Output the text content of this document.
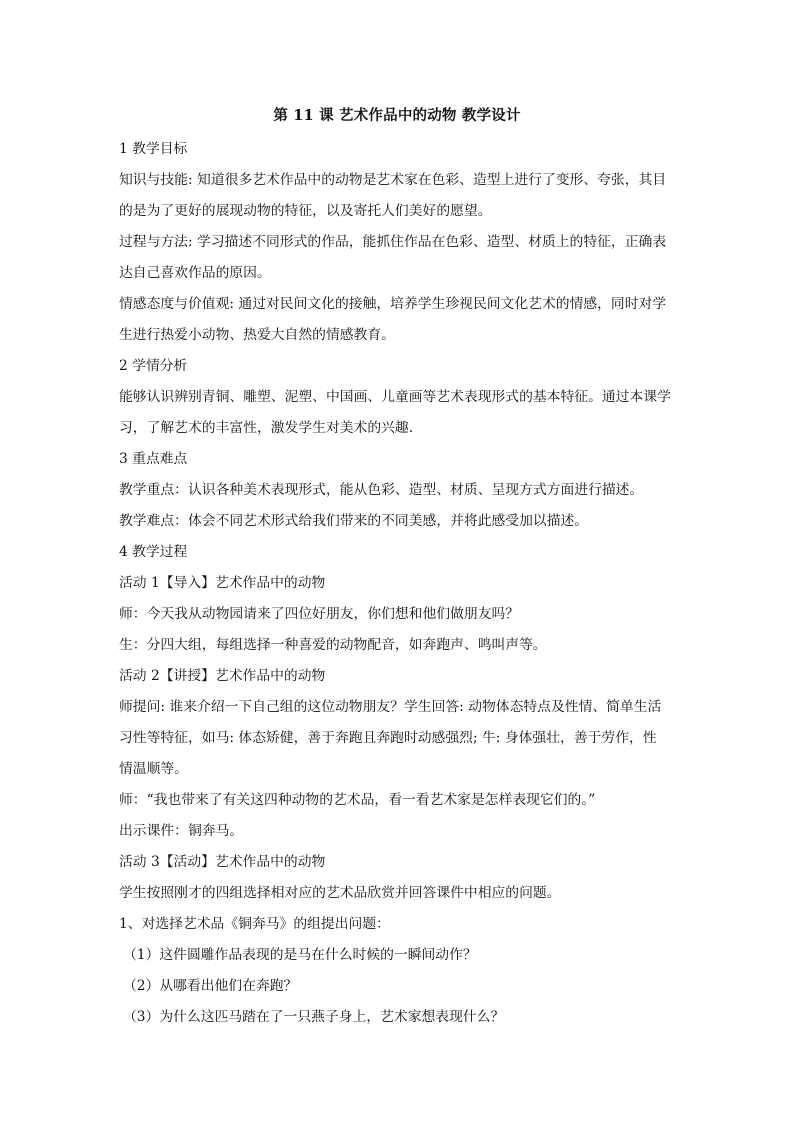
第 11 课 艺术作品中的动物 教学设计
1 教学目标
知识与技能: 知道很多艺术作品中的动物是艺术家在色彩、造型上进行了变形、夸张，其目
的是为了更好的展现动物的特征，以及寄托人们美好的愿望。
过程与方法: 学习描述不同形式的作品，能抓住作品在色彩、造型、材质上的特征，正确表
达自己喜欢作品的原因。
情感态度与价值观: 通过对民间文化的接触，培养学生珍视民间文化艺术的情感，同时对学
生进行热爱小动物、热爱大自然的情感教育。
2 学情分析
能够认识辨别青铜、雕塑、泥塑、中国画、儿童画等艺术表现形式的基本特征。通过本课学
习，了解艺术的丰富性，激发学生对美术的兴趣.
3 重点难点
教学重点：认识各种美术表现形式，能从色彩、造型、材质、呈现方式方面进行描述。
教学难点：体会不同艺术形式给我们带来的不同美感，并将此感受加以描述。
4 教学过程
活动 1【导入】艺术作品中的动物
师：今天我从动物园请来了四位好朋友，你们想和他们做朋友吗？
生：分四大组，每组选择一种喜爱的动物配音，如奔跑声、鸣叫声等。
活动 2【讲授】艺术作品中的动物
师提问: 谁来介绍一下自己组的这位动物朋友？学生回答: 动物体态特点及性情、简单生活
习性等特征，如马: 体态矫健，善于奔跑且奔跑时动感强烈; 牛: 身体强壮，善于劳作，性
情温顺等。
师：“我也带来了有关这四种动物的艺术品，看一看艺术家是怎样表现它们的。”
出示课件：铜奔马。
活动 3【活动】艺术作品中的动物
学生按照刚才的四组选择相对应的艺术品欣赏并回答课件中相应的问题。
1、对选择艺术品《铜奔马》的组提出问题：
（1）这件圆雕作品表现的是马在什么时候的一瞬间动作？
（2）从哪看出他们在奔跑？
（3）为什么这匹马踏在了一只燕子身上，艺术家想表现什么？
